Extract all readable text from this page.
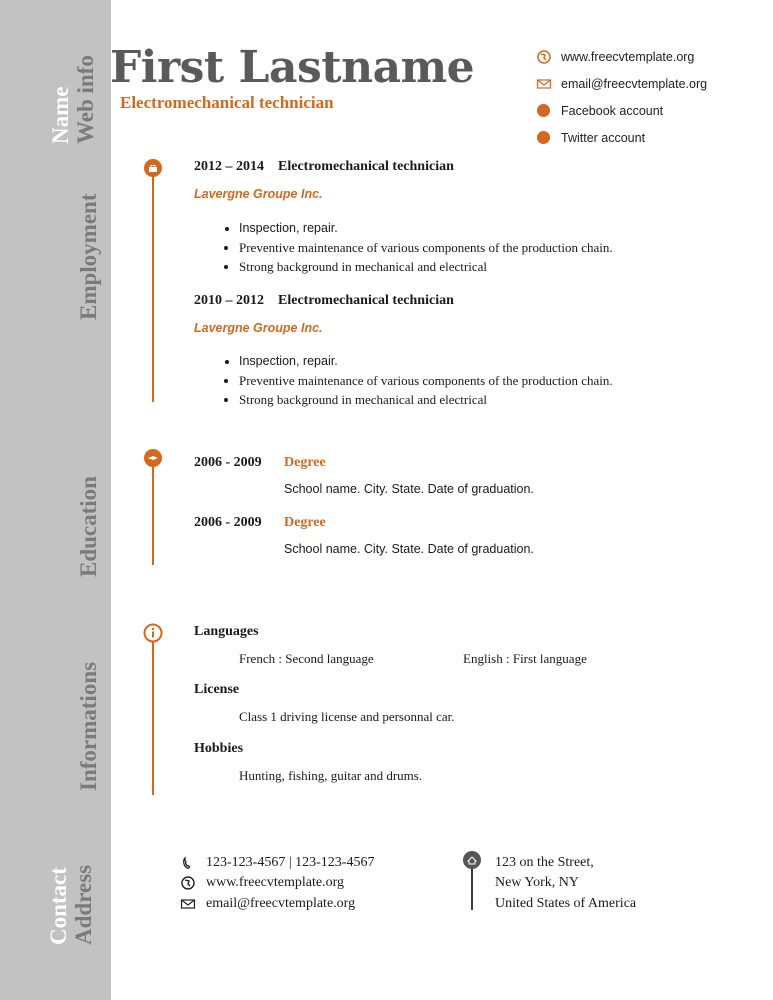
Name Web info
Employment
Education
Informations
Contact Address
First Lastname
Electromechanical technician
www.freecvtemplate.org
email@freecvtemplate.org
Facebook account
Twitter account
2012 – 2014 Electromechanical technician
Lavergne Groupe Inc.
• Inspection, repair.
• Preventive maintenance of various components of the production chain.
• Strong background in mechanical and electrical
2010 – 2012 Electromechanical technician
Lavergne Groupe Inc.
• Inspection, repair.
• Preventive maintenance of various components of the production chain.
• Strong background in mechanical and electrical
2006 - 2009 Degree
School name. City. State. Date of graduation.
2006 - 2009 Degree
School name. City. State. Date of graduation.
Languages
French : Second language	English : First language
License
Class 1 driving license and personnal car.
Hobbies
Hunting, fishing, guitar and drums.
123-123-4567 | 123-123-4567
www.freecvtemplate.org
email@freecvtemplate.org
123 on the Street,
New York, NY
United States of America
